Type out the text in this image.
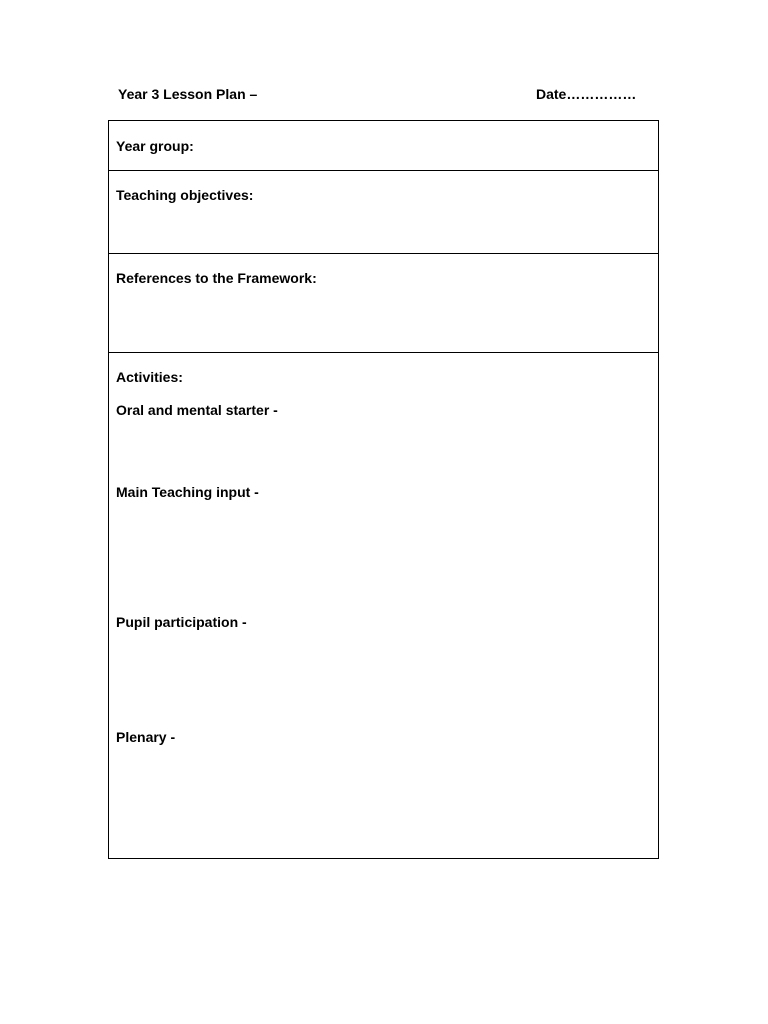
Year 3 Lesson Plan –	Date……………
Year group:
Teaching objectives:
References to the Framework:
Activities:
Oral and mental starter -
Main Teaching input -
Pupil participation -
Plenary -
